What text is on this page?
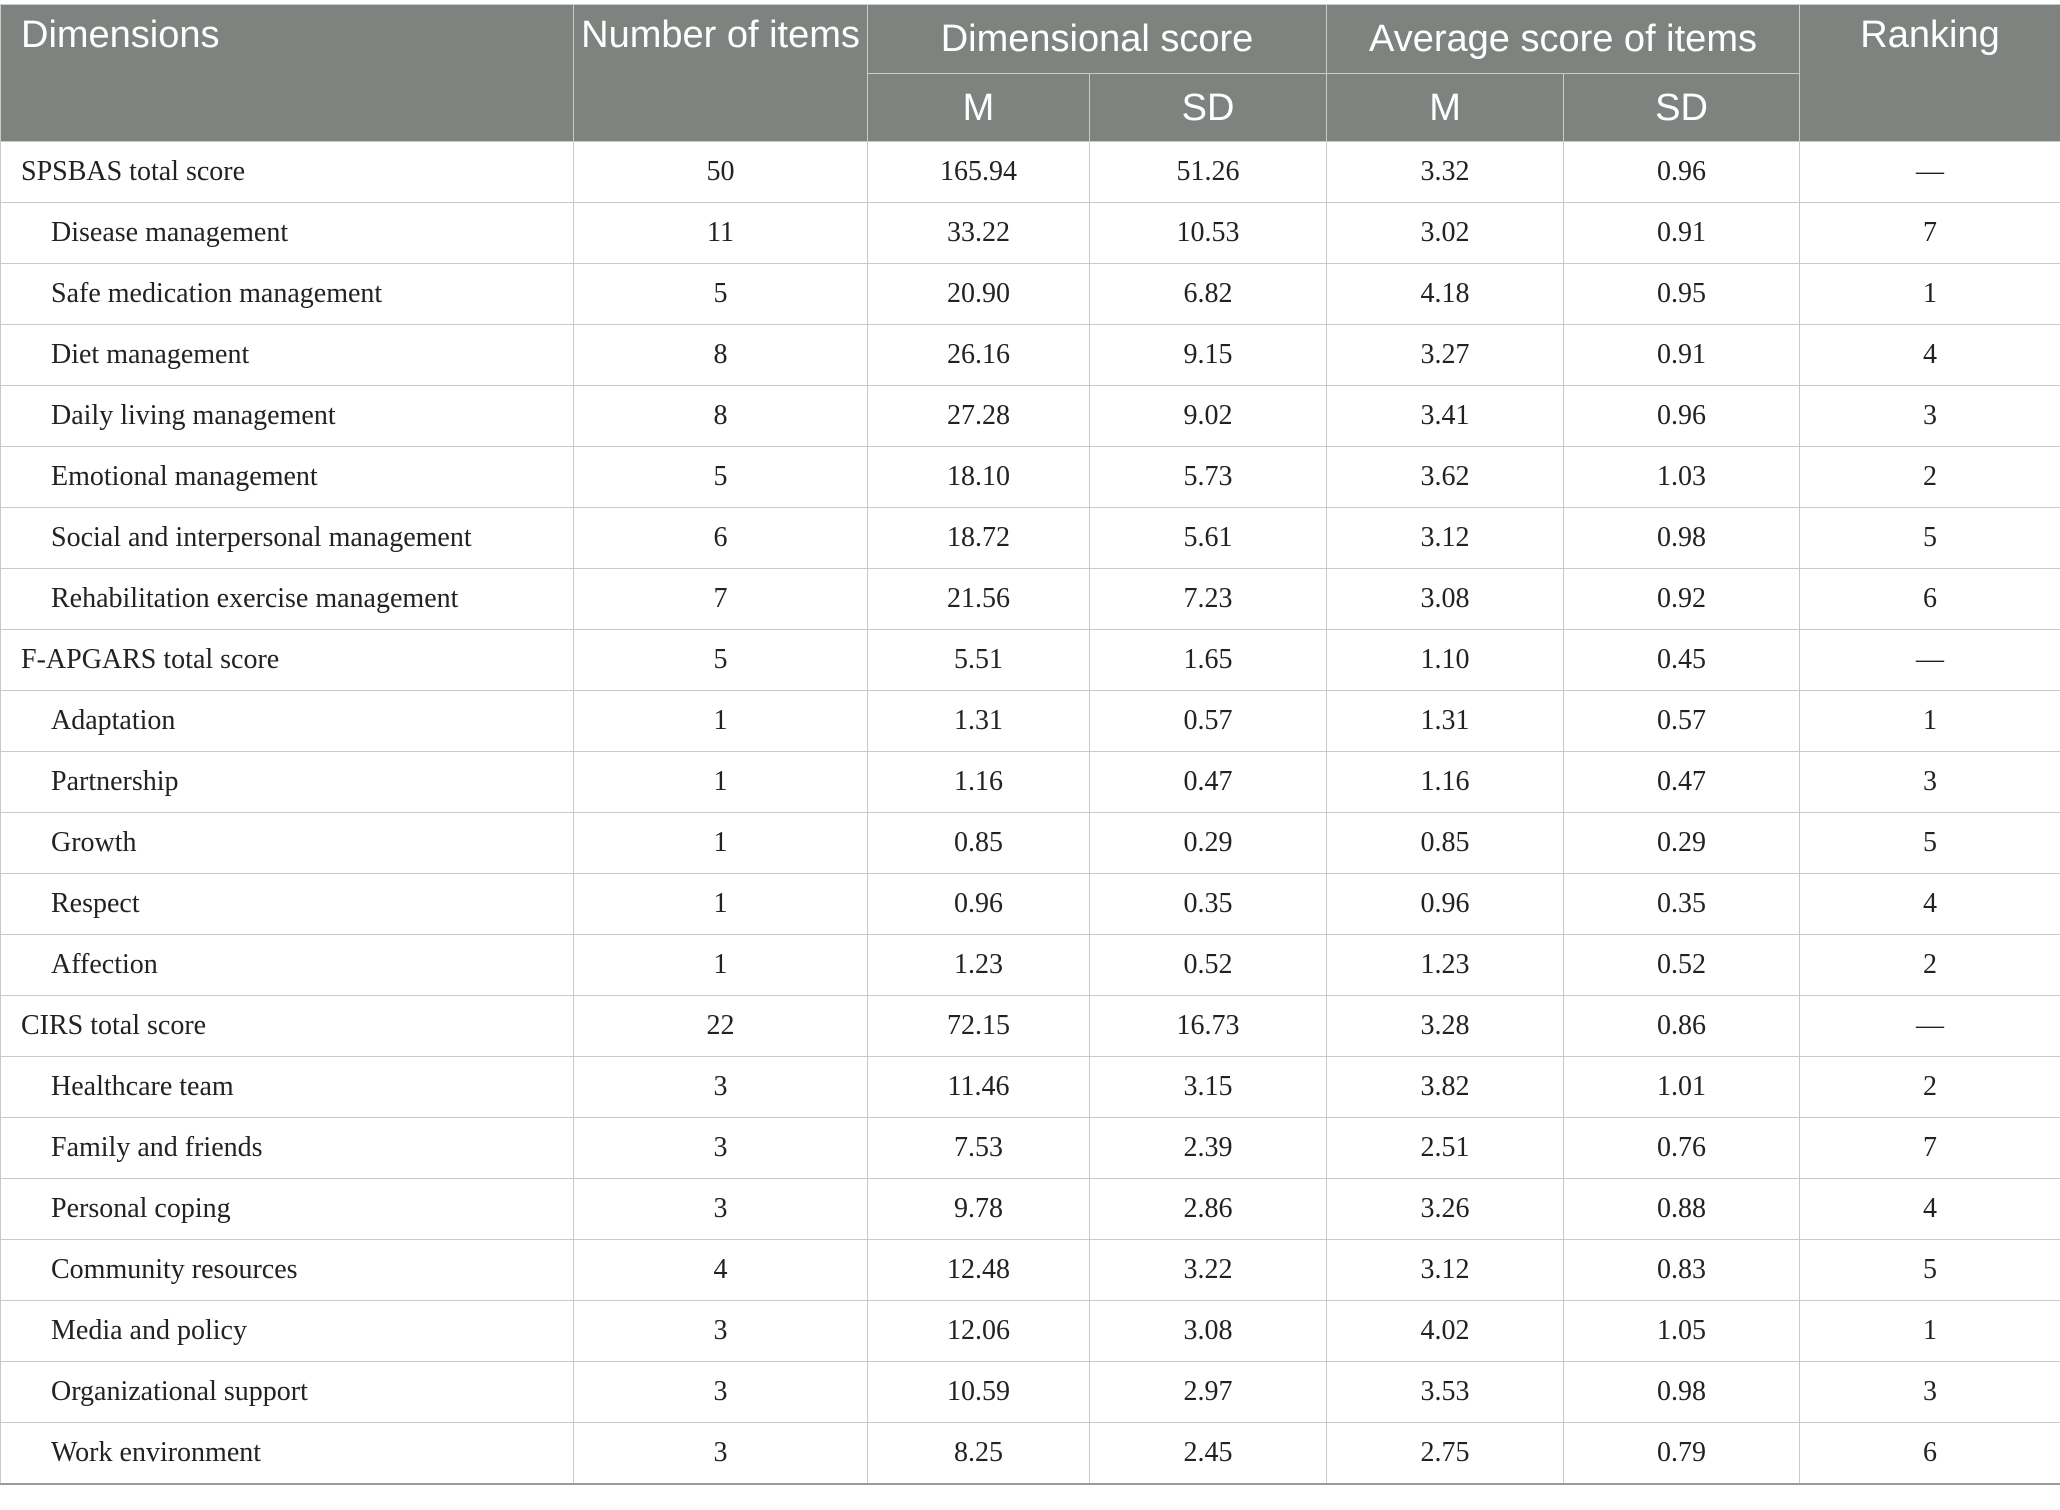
Dimensions	Number of items	Dimensional score		Average score of items		Ranking
		M	SD	M	SD	
SPSBAS total score	50	165.94	51.26	3.32	0.96	—
Disease management	11	33.22	10.53	3.02	0.91	7
Safe medication management	5	20.90	6.82	4.18	0.95	1
Diet management	8	26.16	9.15	3.27	0.91	4
Daily living management	8	27.28	9.02	3.41	0.96	3
Emotional management	5	18.10	5.73	3.62	1.03	2
Social and interpersonal management	6	18.72	5.61	3.12	0.98	5
Rehabilitation exercise management	7	21.56	7.23	3.08	0.92	6
F-APGARS total score	5	5.51	1.65	1.10	0.45	—
Adaptation	1	1.31	0.57	1.31	0.57	1
Partnership	1	1.16	0.47	1.16	0.47	3
Growth	1	0.85	0.29	0.85	0.29	5
Respect	1	0.96	0.35	0.96	0.35	4
Affection	1	1.23	0.52	1.23	0.52	2
CIRS total score	22	72.15	16.73	3.28	0.86	—
Healthcare team	3	11.46	3.15	3.82	1.01	2
Family and friends	3	7.53	2.39	2.51	0.76	7
Personal coping	3	9.78	2.86	3.26	0.88	4
Community resources	4	12.48	3.22	3.12	0.83	5
Media and policy	3	12.06	3.08	4.02	1.05	1
Organizational support	3	10.59	2.97	3.53	0.98	3
Work environment	3	8.25	2.45	2.75	0.79	6
